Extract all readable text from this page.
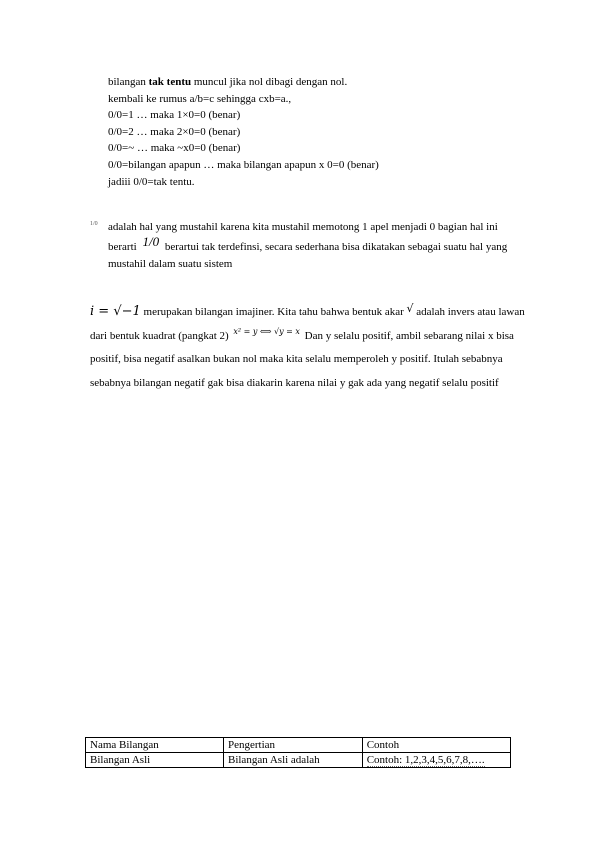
bilangan tak tentu muncul jika nol dibagi dengan nol.
kembali ke rumus a/b=c sehingga cxb=a.,
0/0=1 … maka 1×0=0 (benar)
0/0=2 … maka 2×0=0 (benar)
0/0=~ … maka ~x0=0 (benar)
0/0=bilangan apapun … maka bilangan apapun x 0=0 (benar)
jadiii 0/0=tak tentu.
1/0 adalah hal yang mustahil karena kita mustahil memotong 1 apel menjadi 0 bagian hal ini berarti 1/0 berartui tak terdefinsi, secara sederhana bisa dikatakan sebagai suatu hal yang mustahil dalam suatu sistem
i = √−1 merupakan bilangan imajiner. Kita tahu bahwa bentuk akar √ adalah invers atau lawan dari bentuk kuadrat (pangkat 2) $^{x^2 = y ⟺ √y = x}$ Dan y selalu positif, ambil sebarang nilai x bisa positif, bisa negatif asalkan bukan nol maka kita selalu memperoleh y positif. Itulah sebabnya sebabnya bilangan negatif gak bisa diakarin karena nilai y gak ada yang negatif selalu positif
Nama Bilangan	Pengertian	Contoh
Bilangan Asli	Bilangan Asli adalah	Contoh: 1,2,3,4,5,6,7,8,….
